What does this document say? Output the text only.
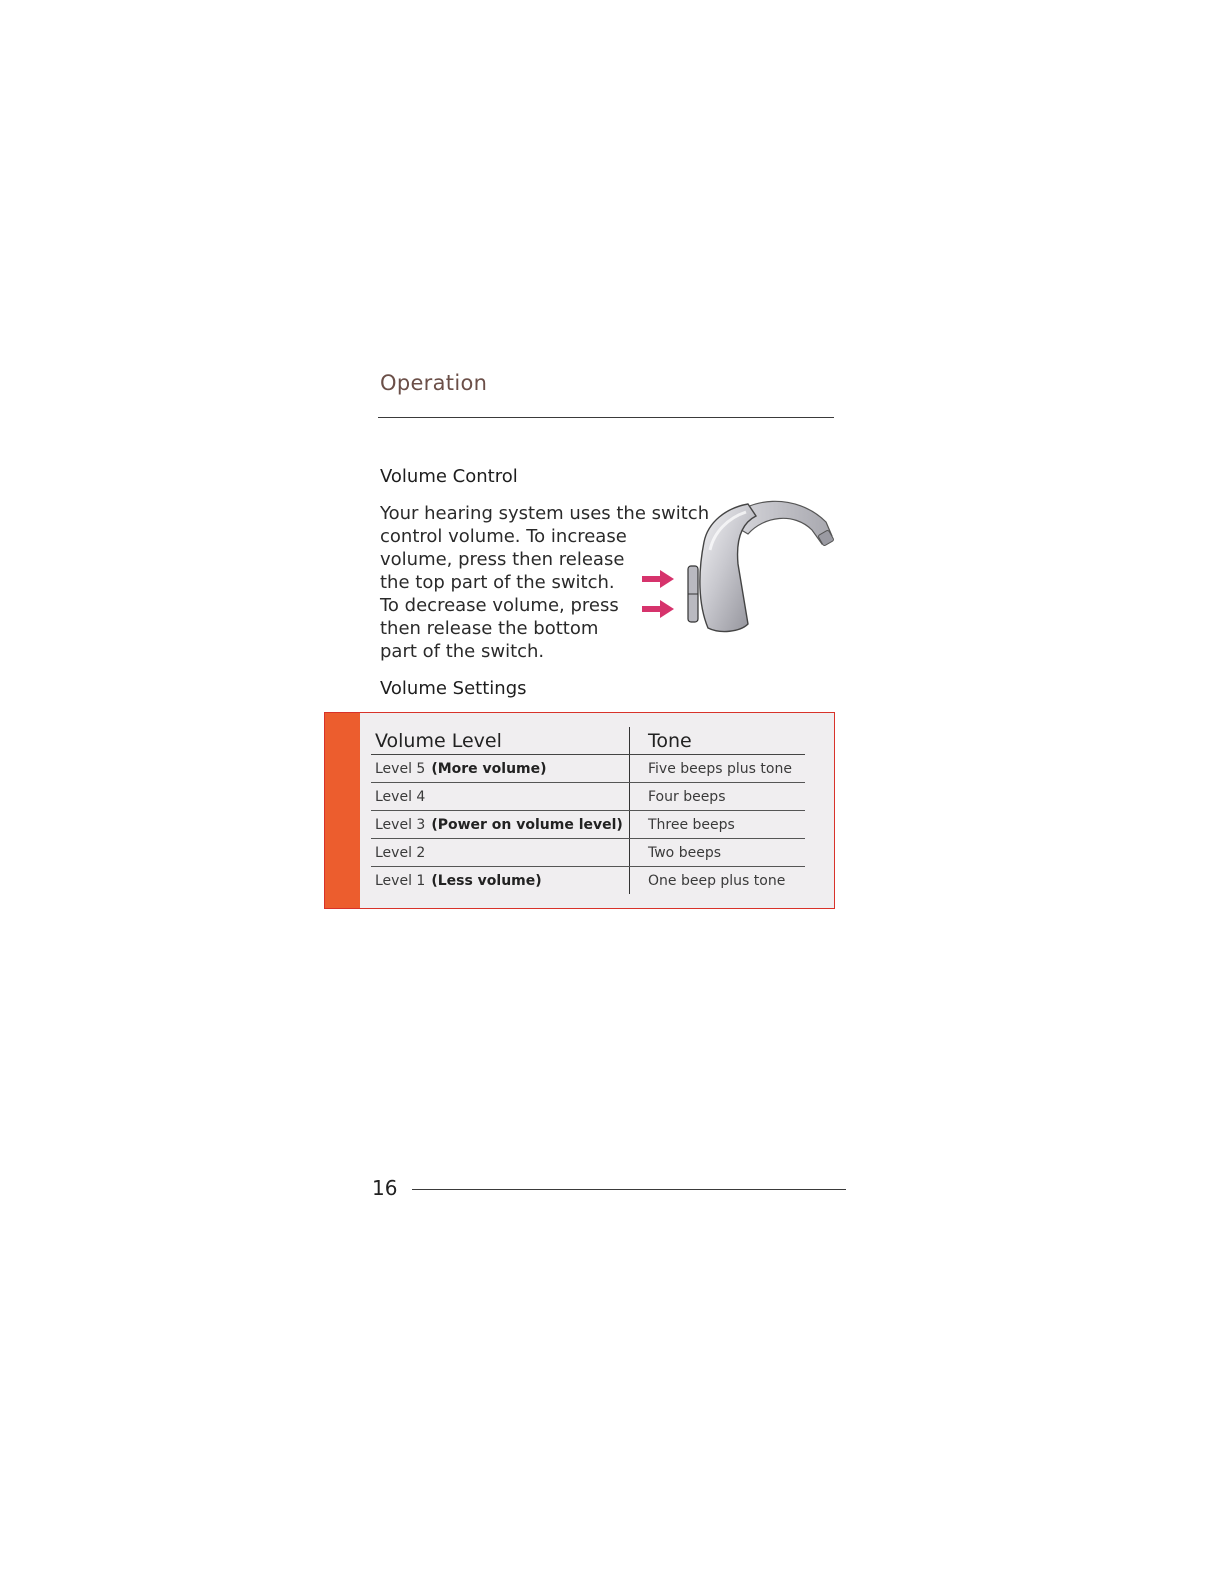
Operation
Volume Control

Your hearing system uses the switch
control volume. To increase
volume, press then release
the top part of the switch.
To decrease volume, press
then release the bottom
part of the switch.

Volume Settings
Volume Level	Tone
Level 5 (More volume)	Five beeps plus tone
Level 4	Four beeps
Level 3 (Power on volume level)	Three beeps
Level 2	Two beeps
Level 1 (Less volume)	One beep plus tone
16
